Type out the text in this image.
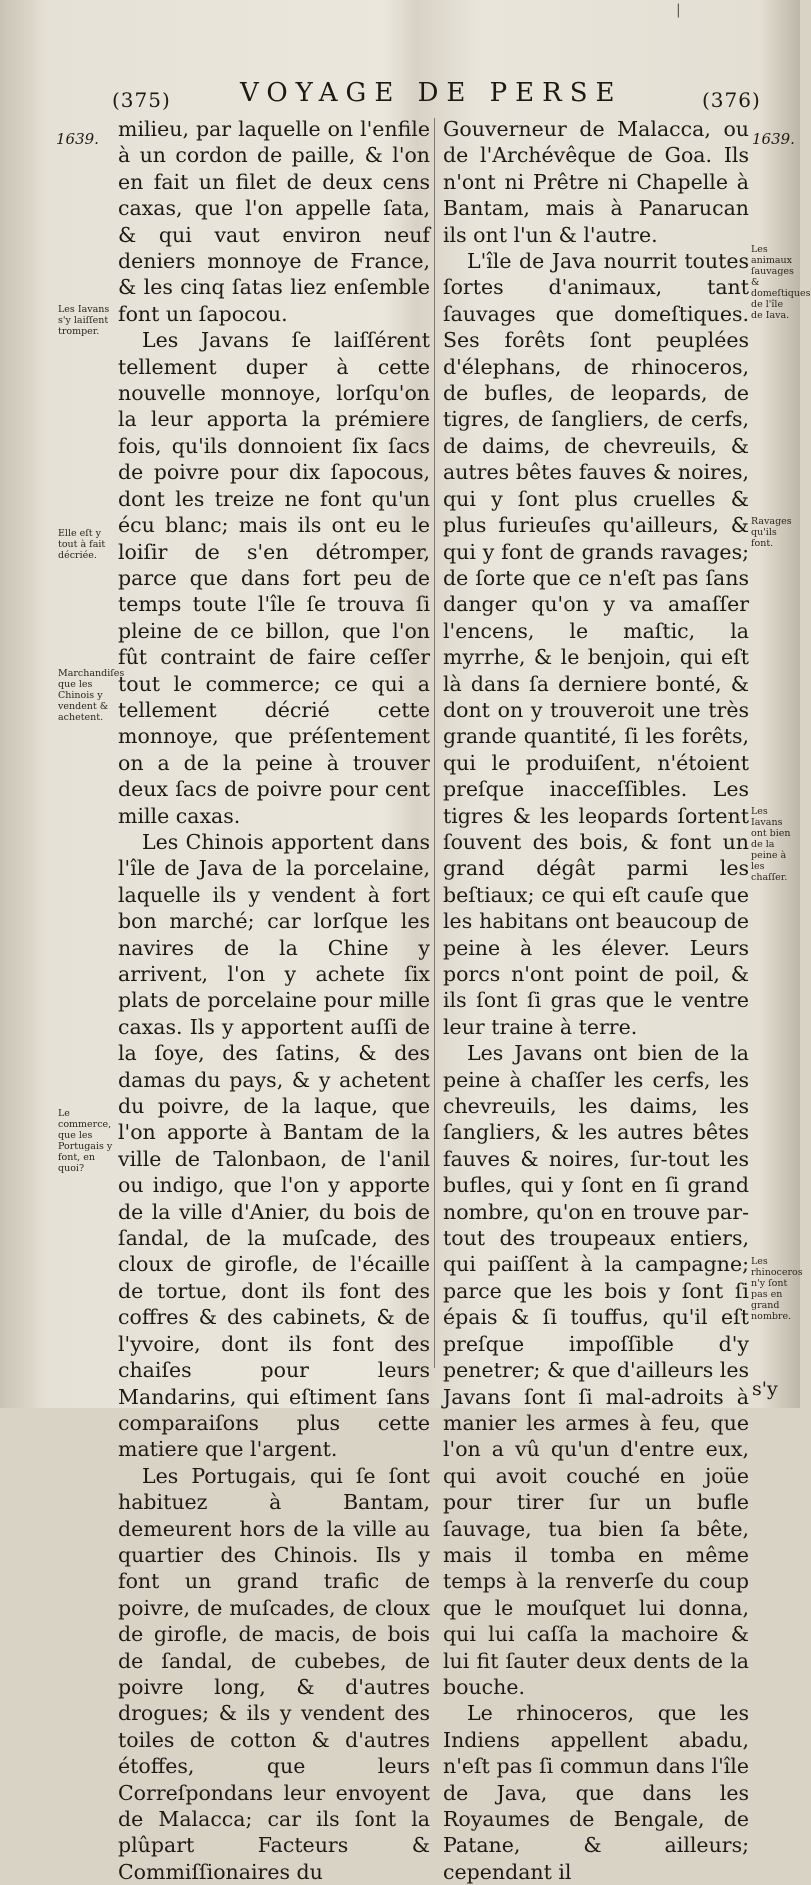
|
(375)	VOYAGE DE PERSE	(376)
1639.	1639.

milieu, par laquelle on l'enfile à un cordon de paille, & l'on en fait un filet de deux cens caxas, que l'on appelle ſata, & qui vaut environ neuf deniers monnoye de France, & les cinq ſatas liez enſemble font un ſapocou.

Les Javans ſe laiſſérent tellement duper à cette nouvelle monnoye, lorſqu'on la leur apporta la prémiere fois, qu'ils donnoient ſix ſacs de poivre pour dix ſapocous, dont les treize ne font qu'un écu blanc; mais ils ont eu le loiſir de s'en détromper, parce que dans fort peu de temps toute l'île ſe trouva ſi pleine de ce billon, que l'on fût contraint de faire ceſſer tout le commerce; ce qui a tellement décrié cette monnoye, que préſentement on a de la peine à trouver deux ſacs de poivre pour cent mille caxas.

Les Chinois apportent dans l'île de Java de la porcelaine, laquelle ils y vendent à fort bon marché; car lorſque les navires de la Chine y arrivent, l'on y achete ſix plats de porcelaine pour mille caxas. Ils y apportent auſſi de la ſoye, des ſatins, & des damas du pays, & y achetent du poivre, de la laque, que l'on apporte à Bantam de la ville de Talonbaon, de l'anil ou indigo, que l'on y apporte de la ville d'Anier, du bois de ſandal, de la muſcade, des cloux de girofle, de l'écaille de tortue, dont ils font des coffres & des cabinets, & de l'yvoire, dont ils font des chaiſes pour leurs Mandarins, qui eſtiment ſans comparaiſons plus cette matiere que l'argent.

Les Portugais, qui ſe ſont habituez à Bantam, demeurent hors de la ville au quartier des Chinois. Ils y font un grand trafic de poivre, de muſcades, de cloux de girofle, de macis, de bois de ſandal, de cubebes, de poivre long, & d'autres drogues; & ils y vendent des toiles de cotton & d'autres étoffes, que leurs Correſpondans leur envoyent de Malacca; car ils ſont la plûpart Facteurs & Commiſſionaires du

Gouverneur de Malacca, ou de l'Archévêque de Goa. Ils n'ont ni Prêtre ni Chapelle à Bantam, mais à Panarucan ils ont l'un & l'autre.

L'île de Java nourrit toutes ſortes d'animaux, tant ſauvages que domeſtiques. Ses forêts ſont peuplées d'élephans, de rhinoceros, de bufles, de leopards, de tigres, de ſangliers, de cerfs, de daims, de chevreuils, & autres bêtes fauves & noires, qui y ſont plus cruelles & plus furieuſes qu'ailleurs, & qui y font de grands ravages; de ſorte que ce n'eſt pas ſans danger qu'on y va amaſſer l'encens, le maſtic, la myrrhe, & le benjoin, qui eſt là dans ſa derniere bonté, & dont on y trouveroit une très grande quantité, ſi les forêts, qui le produiſent, n'étoient preſque inacceſſibles. Les tigres & les leopards ſortent ſouvent des bois, & font un grand dégât parmi les beſtiaux; ce qui eſt cauſe que les habitans ont beaucoup de peine à les élever. Leurs porcs n'ont point de poil, & ils ſont ſi gras que le ventre leur traine à terre.

Les Javans ont bien de la peine à chaſſer les cerfs, les chevreuils, les daims, les ſangliers, & les autres bêtes fauves & noires, ſur-tout les bufles, qui y ſont en ſi grand nombre, qu'on en trouve par-tout des troupeaux entiers, qui paiſſent à la campagne; parce que les bois y ſont ſi épais & ſi touffus, qu'il eſt preſque impoſſible d'y penetrer; & que d'ailleurs les Javans ſont ſi mal-adroits à manier les armes à feu, que l'on a vû qu'un d'entre eux, qui avoit couché en joüe pour tirer ſur un bufle ſauvage, tua bien ſa bête, mais il tomba en même temps à la renverſe du coup que le mouſquet lui donna, qui lui caſſa la machoire & lui fit ſauter deux dents de la bouche.

Le rhinoceros, que les Indiens appellent abadu, n'eſt pas ſi commun dans l'île de Java, que dans les Royaumes de Bengale, de Patane, & ailleurs; cependant il

Les Iavans s'y laiſſent tromper.
Elle eſt y tout à fait décriée.
Marchandiſes que les Chinois y vendent & achetent.
Le commerce, que les Portugais y font, en quoi?
Les animaux ſauvages & domeſtiques de l'île de Iava.
Ravages qu'ils font.
Les Iavans ont bien de la peine à les chaſſer.
Les rhinoceros n'y ſont pas en grand nombre.
s'y
